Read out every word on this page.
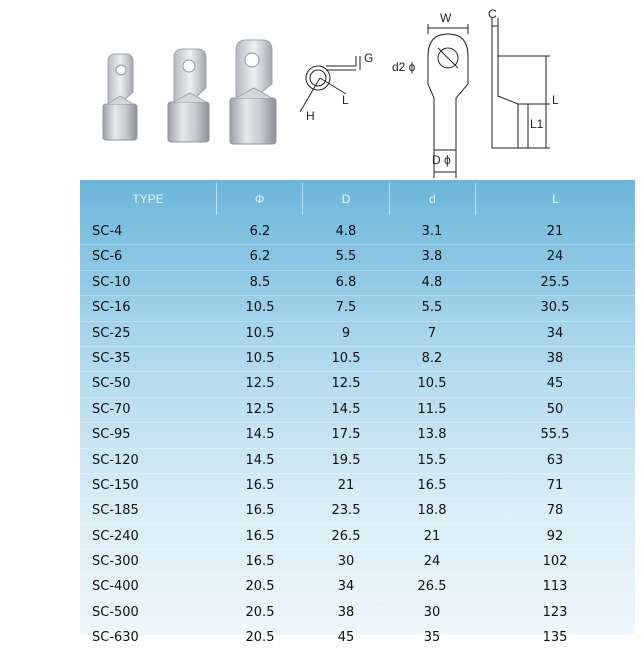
G
L
H
W
d2 ϕ
D ϕ
C
L
L1
TYPE	Φ	D	d	L
SC-4	6.2	4.8	3.1	21
SC-6	6.2	5.5	3.8	24
SC-10	8.5	6.8	4.8	25.5
SC-16	10.5	7.5	5.5	30.5
SC-25	10.5	9	7	34
SC-35	10.5	10.5	8.2	38
SC-50	12.5	12.5	10.5	45
SC-70	12.5	14.5	11.5	50
SC-95	14.5	17.5	13.8	55.5
SC-120	14.5	19.5	15.5	63
SC-150	16.5	21	16.5	71
SC-185	16.5	23.5	18.8	78
SC-240	16.5	26.5	21	92
SC-300	16.5	30	24	102
SC-400	20.5	34	26.5	113
SC-500	20.5	38	30	123
SC-630	20.5	45	35	135
